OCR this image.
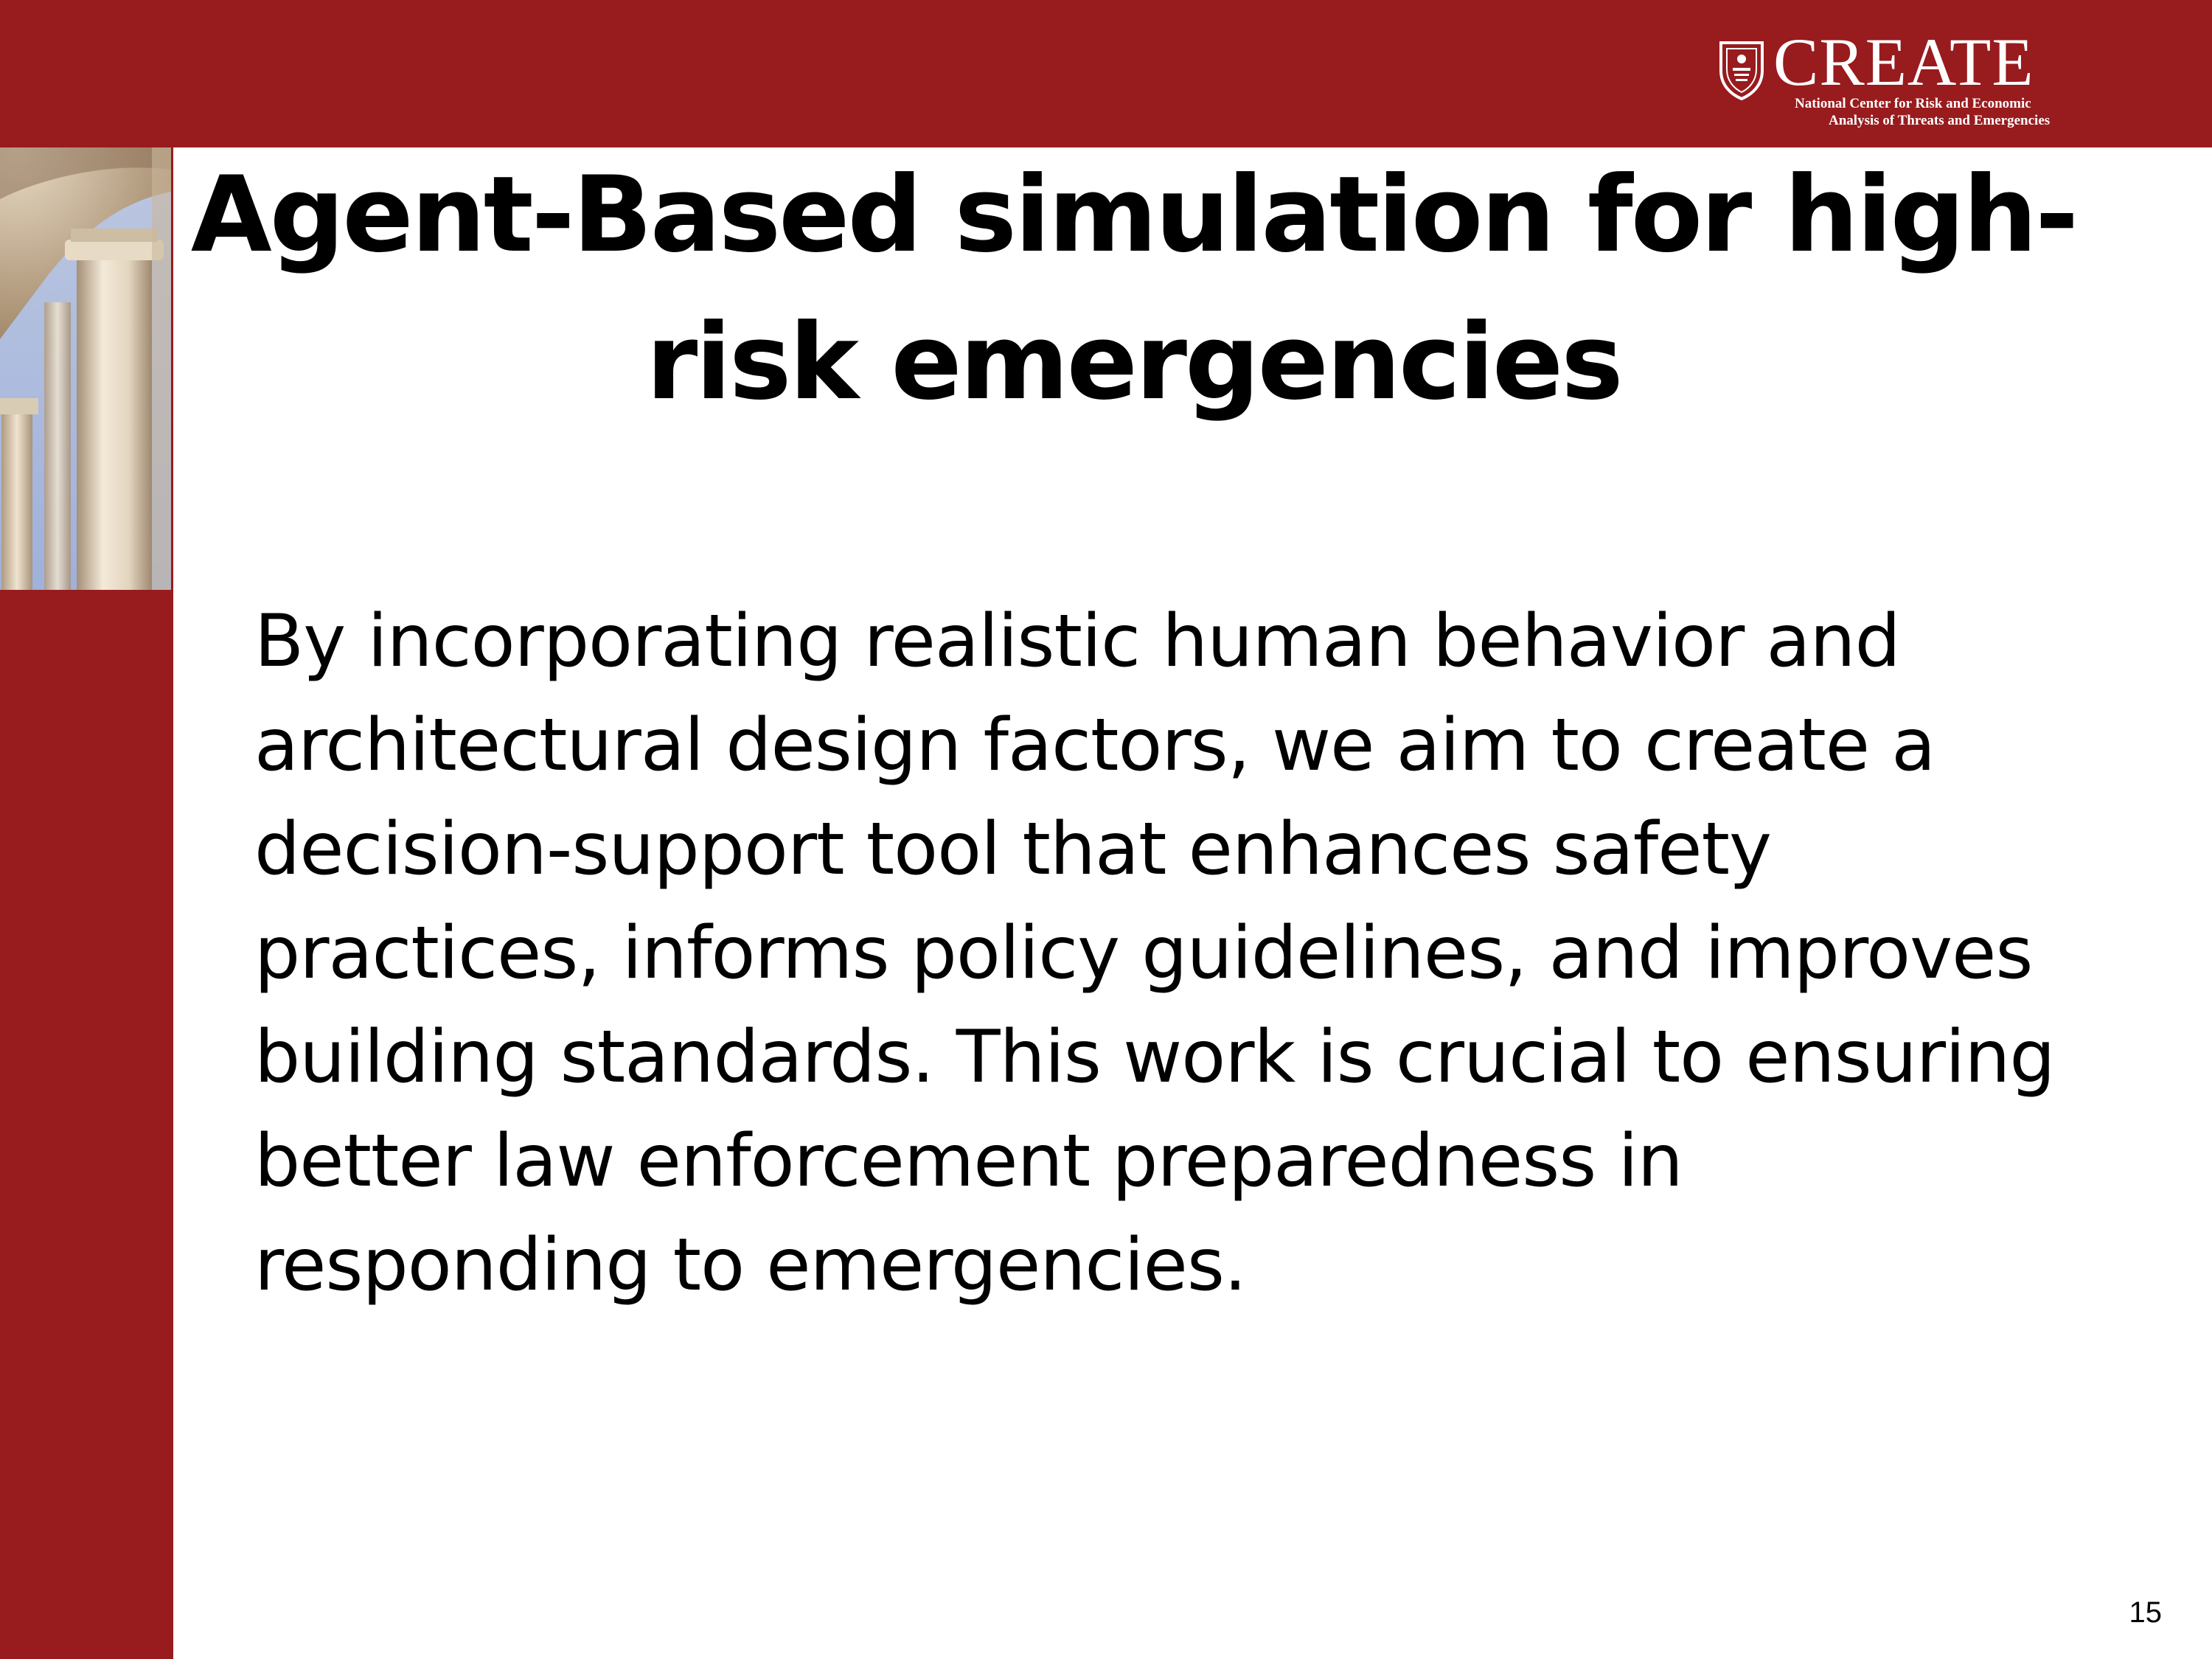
CREATE
National Center for Risk and Economic
Analysis of Threats and Emergencies
Agent-Based simulation for high-risk emergencies

By incorporating realistic human behavior and architectural design factors, we aim to create a decision-support tool that enhances safety practices, informs policy guidelines, and improves building standards. This work is crucial to ensuring better law enforcement preparedness in responding to emergencies.

15
